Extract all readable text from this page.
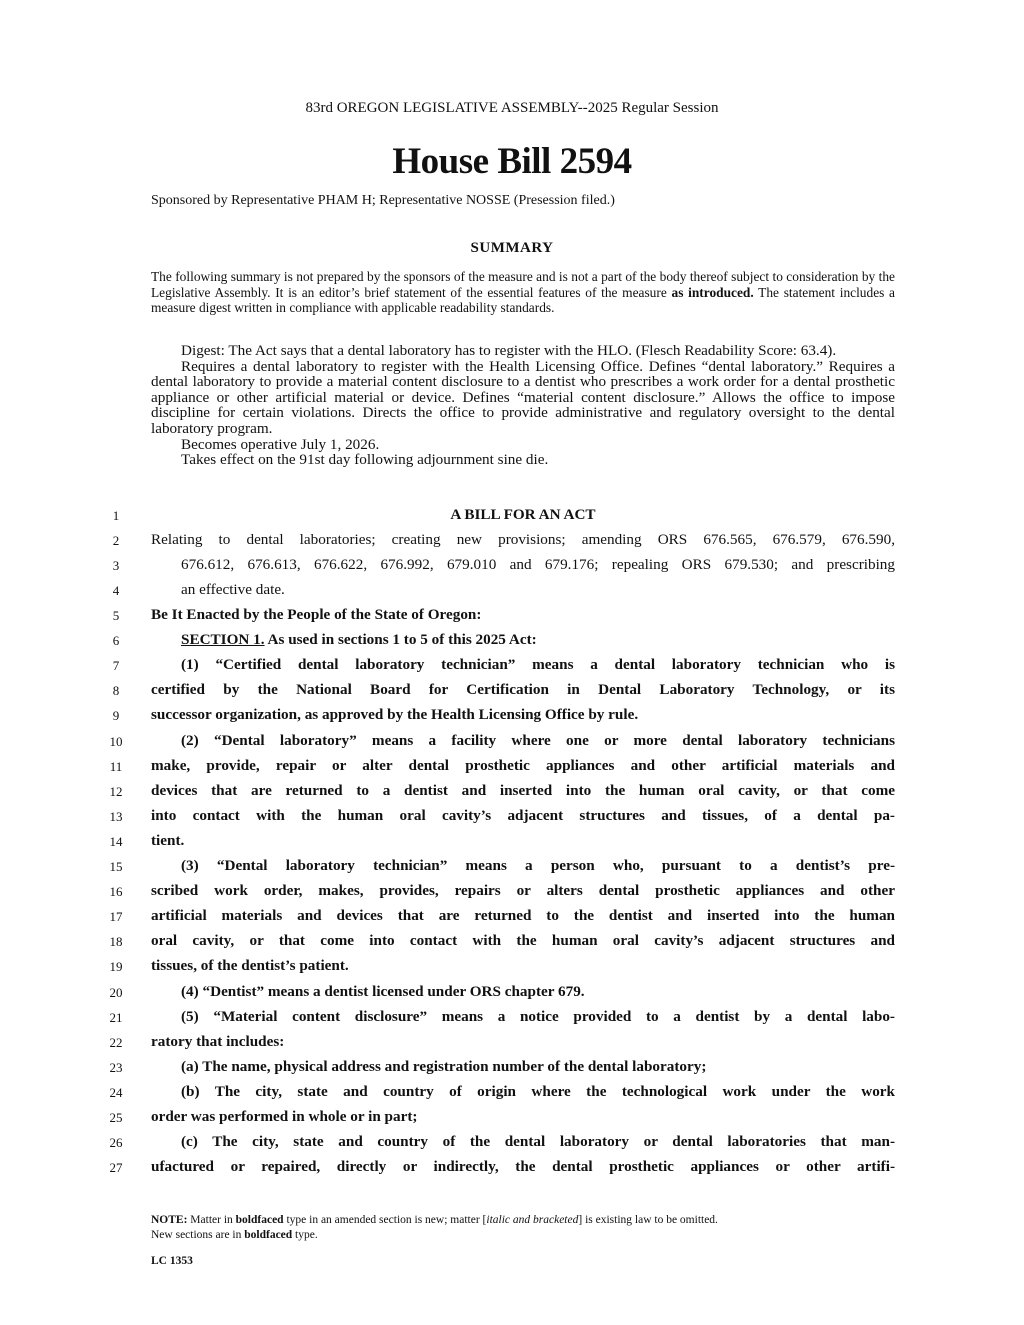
83rd OREGON LEGISLATIVE ASSEMBLY--2025 Regular Session
House Bill 2594
Sponsored by Representative PHAM H; Representative NOSSE (Presession filed.)
SUMMARY
The following summary is not prepared by the sponsors of the measure and is not a part of the body thereof subject to consideration by the Legislative Assembly. It is an editor’s brief statement of the essential features of the measure as introduced. The statement includes a measure digest written in compliance with applicable readability standards.

Digest: The Act says that a dental laboratory has to register with the HLO. (Flesch Readability Score: 63.4).

Requires a dental laboratory to register with the Health Licensing Office. Defines “dental laboratory.” Requires a dental laboratory to provide a material content disclosure to a dentist who prescribes a work order for a dental prosthetic appliance or other artificial material or device. Defines “material content disclosure.” Allows the office to impose discipline for certain violations. Directs the office to provide administrative and regulatory oversight to the dental laboratory program.

Becomes operative July 1, 2026.

Takes effect on the 91st day following adjournment sine die.

1
2
3
4
5
6
7
8
9
10
11
12
13
14
15
16
17
18
19
20
21
22
23
24
25
26
27
A BILL FOR AN ACT
Relating to dental laboratories; creating new provisions; amending ORS 676.565, 676.579, 676.590,
676.612, 676.613, 676.622, 676.992, 679.010 and 679.176; repealing ORS 679.530; and prescribing
an effective date.
Be It Enacted by the People of the State of Oregon:
SECTION 1. As used in sections 1 to 5 of this 2025 Act:
(1) “Certified dental laboratory technician” means a dental laboratory technician who is
certified by the National Board for Certification in Dental Laboratory Technology, or its
successor organization, as approved by the Health Licensing Office by rule.
(2) “Dental laboratory” means a facility where one or more dental laboratory technicians
make, provide, repair or alter dental prosthetic appliances and other artificial materials and
devices that are returned to a dentist and inserted into the human oral cavity, or that come
into contact with the human oral cavity’s adjacent structures and tissues, of a dental pa-
tient.
(3) “Dental laboratory technician” means a person who, pursuant to a dentist’s pre-
scribed work order, makes, provides, repairs or alters dental prosthetic appliances and other
artificial materials and devices that are returned to the dentist and inserted into the human
oral cavity, or that come into contact with the human oral cavity’s adjacent structures and
tissues, of the dentist’s patient.
(4) “Dentist” means a dentist licensed under ORS chapter 679.
(5) “Material content disclosure” means a notice provided to a dentist by a dental labo-
ratory that includes:
(a) The name, physical address and registration number of the dental laboratory;
(b) The city, state and country of origin where the technological work under the work
order was performed in whole or in part;
(c) The city, state and country of the dental laboratory or dental laboratories that man-
ufactured or repaired, directly or indirectly, the dental prosthetic appliances or other artifi-
NOTE: Matter in boldfaced type in an amended section is new; matter [italic and bracketed] is existing law to be omitted.
New sections are in boldfaced type.
LC 1353
